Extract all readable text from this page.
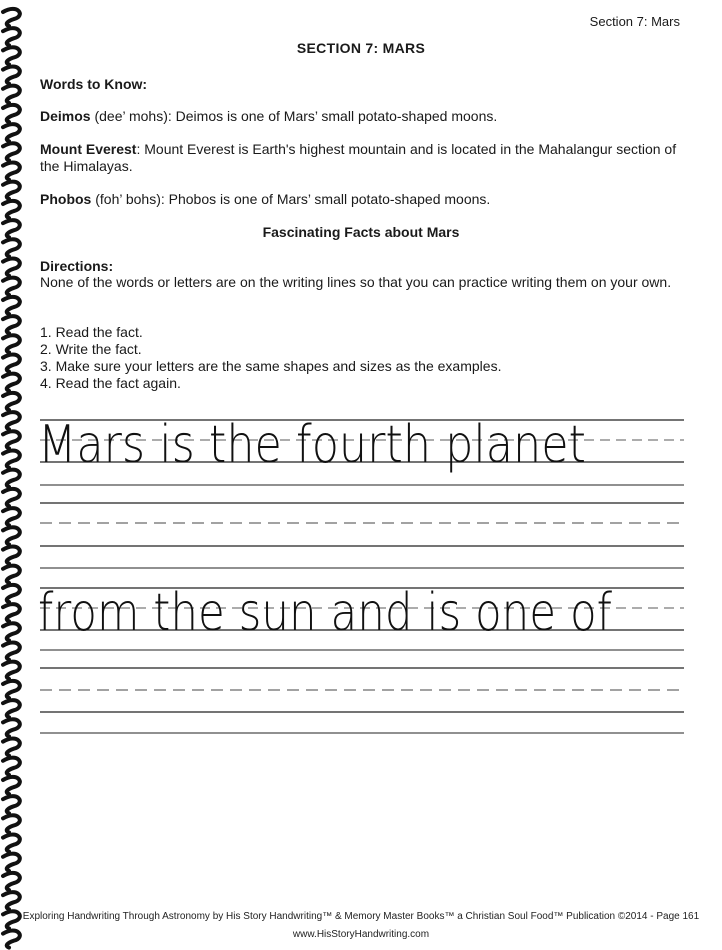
Section 7: Mars
SECTION 7: MARS
Words to Know:
Deimos (dee’ mohs): Deimos is one of Mars’ small potato-shaped moons.
Mount Everest: Mount Everest is Earth's highest mountain and is located in the Mahalangur section of the Himalayas.
Phobos (foh’ bohs): Phobos is one of Mars’ small potato-shaped moons.
Fascinating Facts about Mars
Directions:
None of the words or letters are on the writing lines so that you can practice writing them on your own.
1. Read the fact.
2. Write the fact.
3. Make sure your letters are the same shapes and sizes as the examples.
4. Read the fact again.
Mars is the fourth planet
from the sun and is one of
Exploring Handwriting Through Astronomy by His Story Handwriting™ & Memory Master Books™ a Christian Soul Food™ Publication ©2014 - Page 161
www.HisStoryHandwriting.com
